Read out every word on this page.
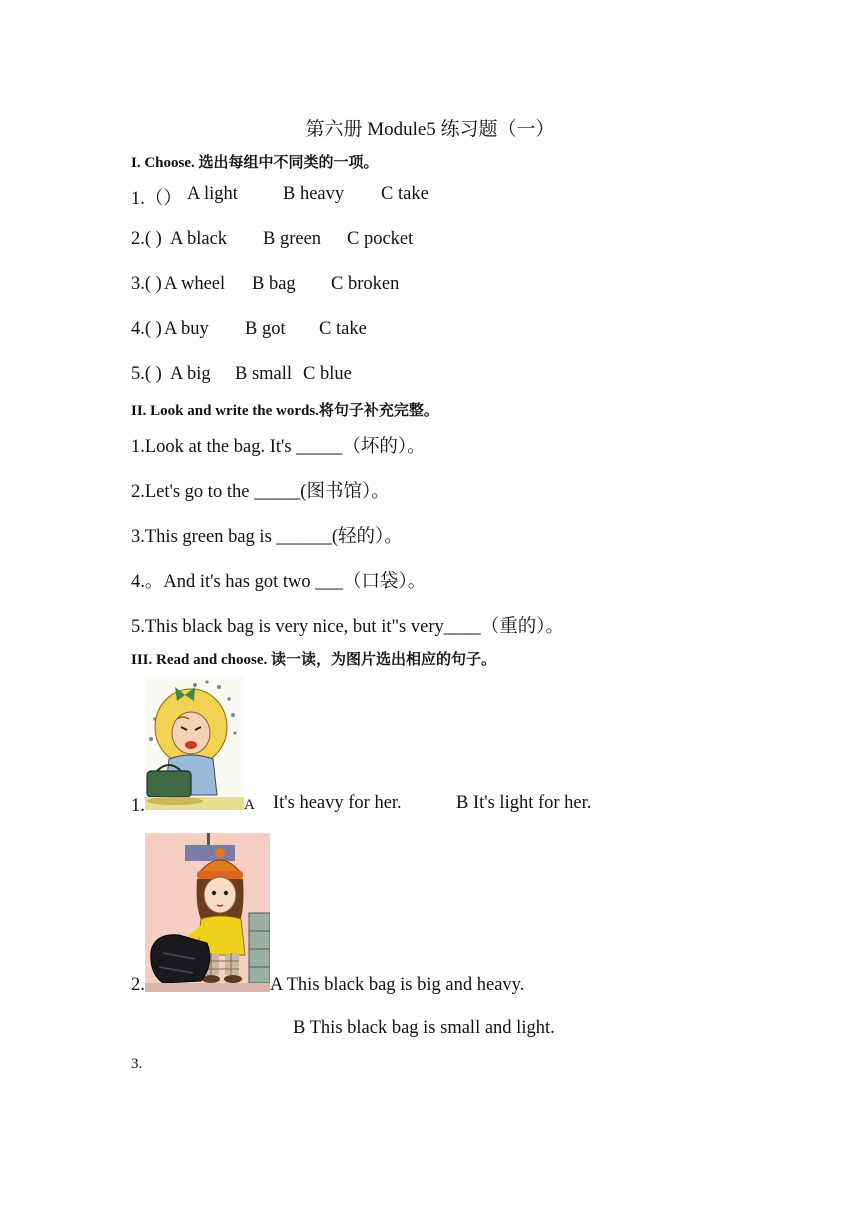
第六册 Module5 练习题（一）
I. Choose. 选出每组中不同类的一项。
1.（） A light B heavy C take
2.( ) A black B green C pocket
3.( ) A wheel B bag C broken
4.( ) A buy B got C take
5.( ) A big B small C blue
II. Look and write the words.将句子补充完整。
1.Look at the bag. It's _____（坏的）。
2.Let's go to the _____(图书馆）。
3.This green bag is ______(轻的）。
4.。And it's has got two ___（口袋）。
5.This black bag is very nice, but it"s very____（重的）。
III. Read and choose. 读一读，为图片选出相应的句子。
1.	A It's heavy for her.	B It's light for her.
2.	A This black bag is big and heavy.
B This black bag is small and light.
3.
